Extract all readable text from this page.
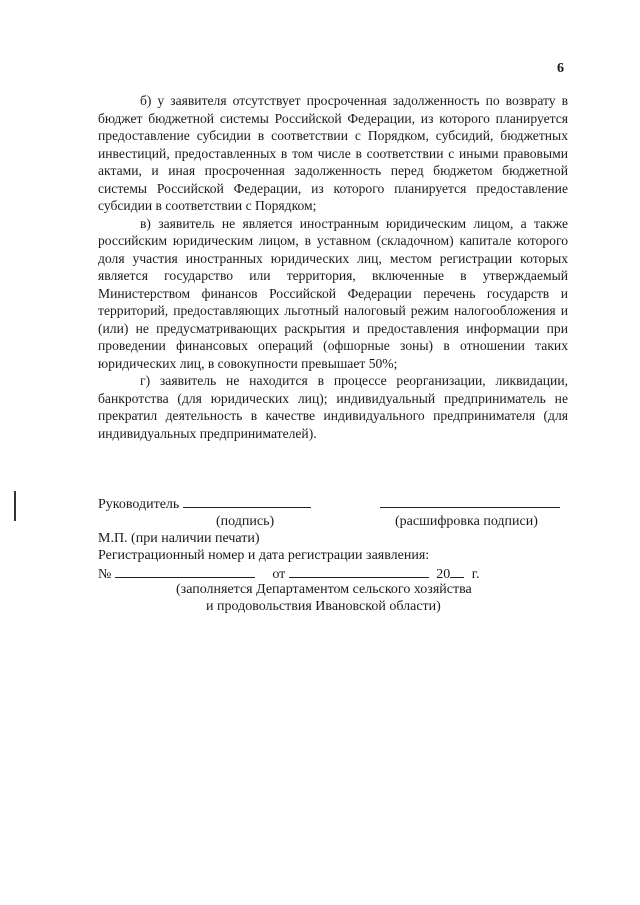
6

б) у заявителя отсутствует просроченная задолженность по возврату в бюджет бюджетной системы Российской Федерации, из которого планируется предоставление субсидии в соответствии с Порядком, субсидий, бюджетных инвестиций, предоставленных в том числе в соответствии с иными правовыми актами, и иная просроченная задолженность перед бюджетом бюджетной системы Российской Федерации, из которого планируется предоставление субсидии в соответствии с Порядком;

в) заявитель не является иностранным юридическим лицом, а также российским юридическим лицом, в уставном (складочном) капитале которого доля участия иностранных юридических лиц, местом регистрации которых является государство или территория, включенные в утверждаемый Министерством финансов Российской Федерации перечень государств и территорий, предоставляющих льготный налоговый режим налогообложения и (или) не предусматривающих раскрытия и предоставления информации при проведении финансовых операций (офшорные зоны) в отношении таких юридических лиц, в совокупности превышает 50%;

г) заявитель не находится в процессе реорганизации, ликвидации, банкротства (для юридических лиц); индивидуальный предприниматель не прекратил деятельность в качестве индивидуального предпринимателя (для индивидуальных предпринимателей).

Руководитель
(подпись)	(расшифровка подписи)
М.П. (при наличии печати)
Регистрационный номер и дата регистрации заявления:
№	от	20 г.
(заполняется Департаментом сельского хозяйства
и продовольствия Ивановской области)
